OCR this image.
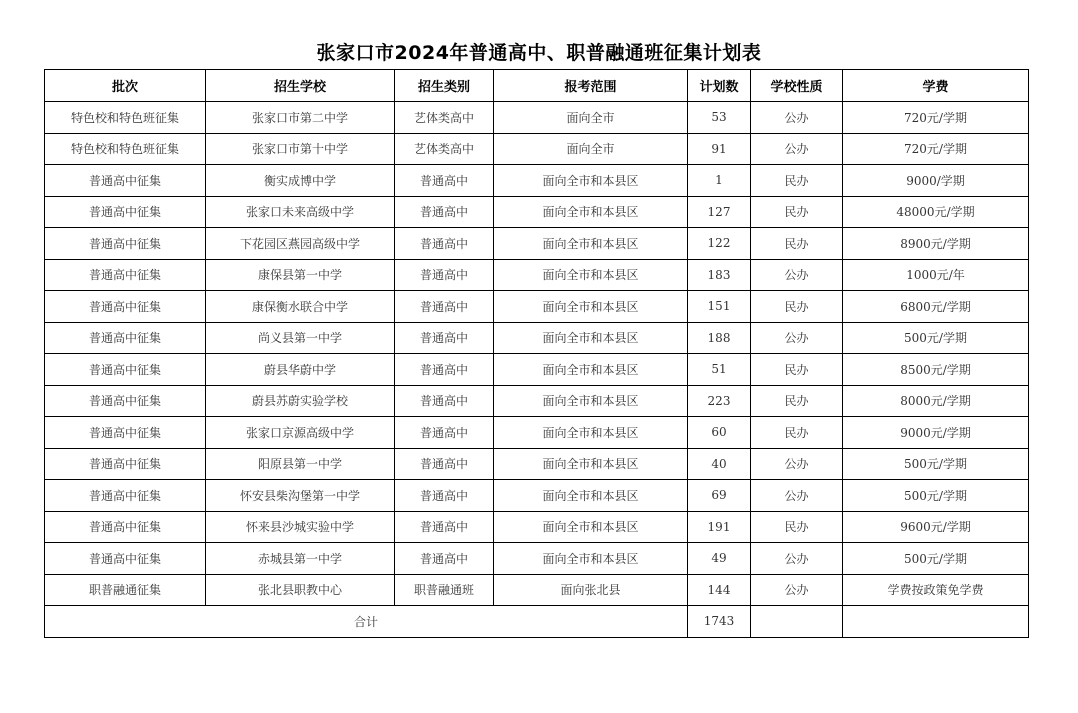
张家口市2024年普通高中、职普融通班征集计划表
批次	招生学校	招生类别	报考范围	计划数	学校性质	学费
特色校和特色班征集	张家口市第二中学	艺体类高中	面向全市	53	公办	720元/学期
特色校和特色班征集	张家口市第十中学	艺体类高中	面向全市	91	公办	720元/学期
普通高中征集	衡实成博中学	普通高中	面向全市和本县区	1	民办	9000/学期
普通高中征集	张家口未来高级中学	普通高中	面向全市和本县区	127	民办	48000元/学期
普通高中征集	下花园区燕园高级中学	普通高中	面向全市和本县区	122	民办	8900元/学期
普通高中征集	康保县第一中学	普通高中	面向全市和本县区	183	公办	1000元/年
普通高中征集	康保衡水联合中学	普通高中	面向全市和本县区	151	民办	6800元/学期
普通高中征集	尚义县第一中学	普通高中	面向全市和本县区	188	公办	500元/学期
普通高中征集	蔚县华蔚中学	普通高中	面向全市和本县区	51	民办	8500元/学期
普通高中征集	蔚县苏蔚实验学校	普通高中	面向全市和本县区	223	民办	8000元/学期
普通高中征集	张家口京源高级中学	普通高中	面向全市和本县区	60	民办	9000元/学期
普通高中征集	阳原县第一中学	普通高中	面向全市和本县区	40	公办	500元/学期
普通高中征集	怀安县柴沟堡第一中学	普通高中	面向全市和本县区	69	公办	500元/学期
普通高中征集	怀来县沙城实验中学	普通高中	面向全市和本县区	191	民办	9600元/学期
普通高中征集	赤城县第一中学	普通高中	面向全市和本县区	49	公办	500元/学期
职普融通征集	张北县职教中心	职普融通班	面向张北县	144	公办	学费按政策免学费
合计				1743		
